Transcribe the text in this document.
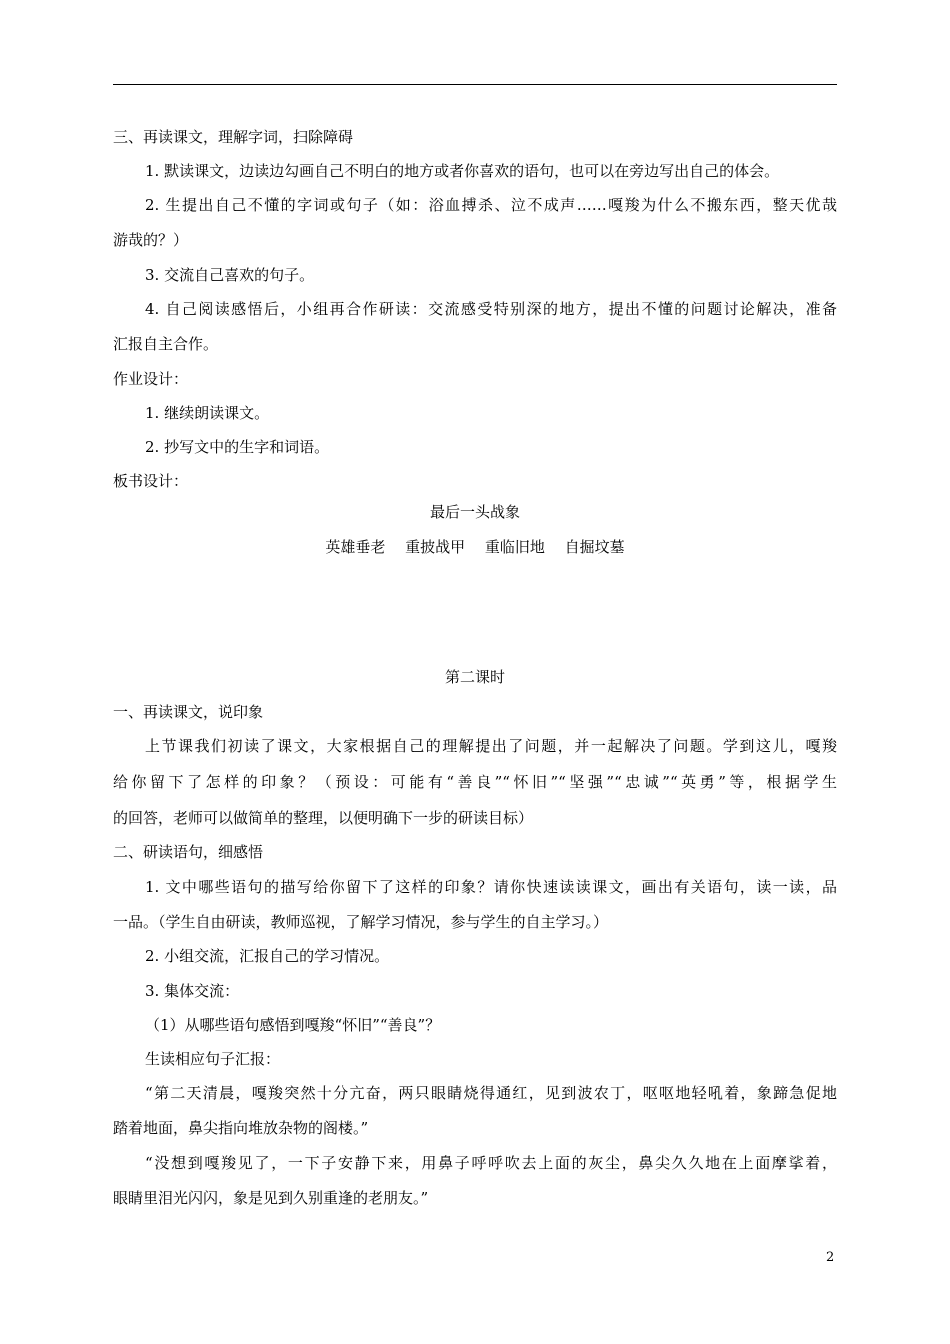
三、再读课文，理解字词，扫除障碍
1. 默读课文，边读边勾画自己不明白的地方或者你喜欢的语句，也可以在旁边写出自己的体会。
2. 生提出自己不懂的字词或句子（如：浴血搏杀、泣不成声……嘎羧为什么不搬东西，整天优哉
游哉的？）
3. 交流自己喜欢的句子。
4. 自己阅读感悟后，小组再合作研读：交流感受特别深的地方，提出不懂的问题讨论解决，准备
汇报自主合作。
作业设计：
1. 继续朗读课文。
2. 抄写文中的生字和词语。
板书设计：
最后一头战象
英雄垂老　 重披战甲　 重临旧地　 自掘坟墓
第二课时
一、再读课文，说印象
上节课我们初读了课文，大家根据自己的理解提出了问题，并一起解决了问题。学到这儿，嘎羧
给你留下了怎样的印象？（预设：可能有“善良”“怀旧”“坚强”“忠诚”“英勇”等，根据学生
的回答，老师可以做简单的整理，以便明确下一步的研读目标）
二、研读语句，细感悟
1. 文中哪些语句的描写给你留下了这样的印象？请你快速读读课文，画出有关语句，读一读，品
一品。（学生自由研读，教师巡视，了解学习情况，参与学生的自主学习。）
2. 小组交流，汇报自己的学习情况。
3. 集体交流：
（1）从哪些语句感悟到嘎羧“怀旧”“善良”？
生读相应句子汇报：
“第二天清晨，嘎羧突然十分亢奋，两只眼睛烧得通红，见到波农丁，呕呕地轻吼着，象蹄急促地
踏着地面，鼻尖指向堆放杂物的阁楼。”
“没想到嘎羧见了，一下子安静下来，用鼻子呼呼吹去上面的灰尘，鼻尖久久地在上面摩挲着，
眼睛里泪光闪闪，象是见到久别重逢的老朋友。”
2
